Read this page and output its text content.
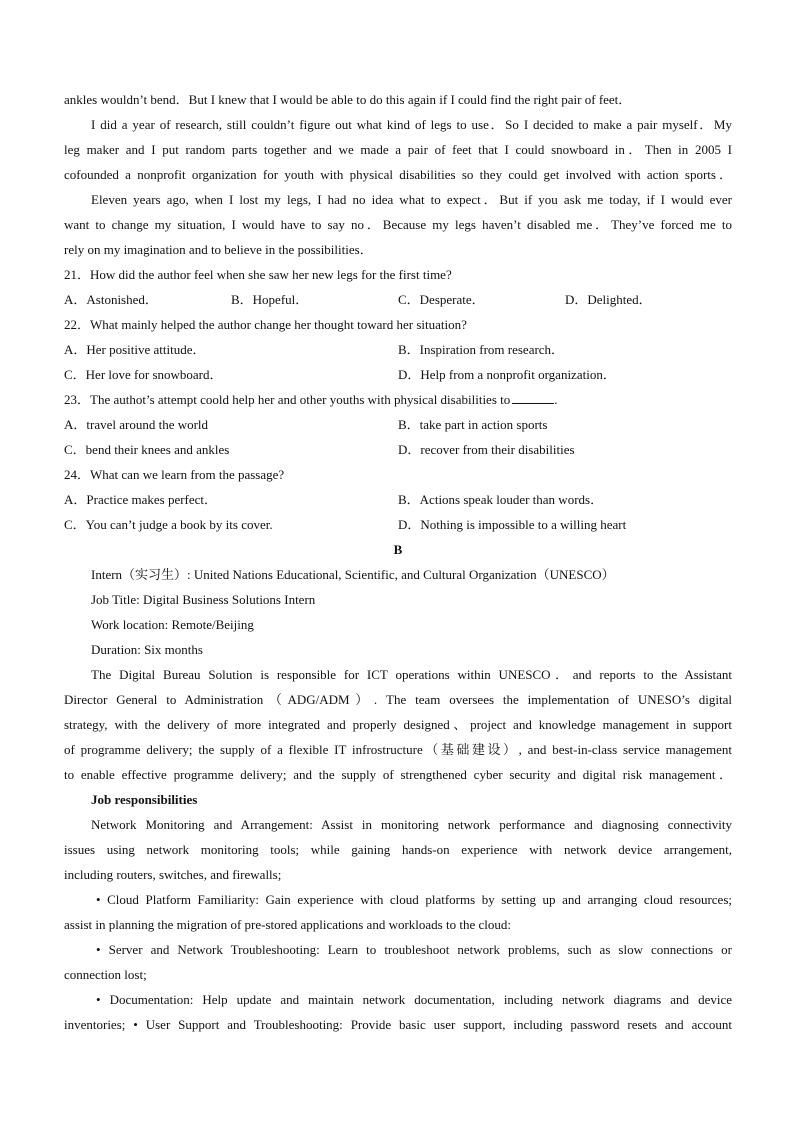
ankles wouldn’t bend．But I knew that I would be able to do this again if I could find the right pair of feet．
I did a year of research, still couldn’t figure out what kind of legs to use．So I decided to make a pair myself．My
leg maker and I put random parts together and we made a pair of feet that I could snowboard in．Then in 2005 I
cofounded a nonprofit organization for youth with physical disabilities so they could get involved with action sports．
Eleven years ago, when I lost my legs, I had no idea what to expect．But if you ask me today, if I would ever
want to change my situation, I would have to say no．Because my legs haven’t disabled me．They’ve forced me to
rely on my imagination and to believe in the possibilities．
21．How did the author feel when she saw her new legs for the first time?
A．Astonished．	B．Hopeful．	C．Desperate．	D．Delighted．
22．What mainly helped the author change her thought toward her situation?
A．Her positive attitude．	B．Inspiration from research．
C．Her love for snowboard．	D．Help from a nonprofit organization．
23．The authot’s attempt coold help her and other youths with physical disabilities to	.
A．travel around the world	B．take part in action sports
C．bend their knees and ankles	D．recover from their disabilities
24．What can we learn from the passage?
A．Practice makes perfect．	B．Actions speak louder than words．
C．You can’t judge a book by its cover.	D．Nothing is impossible to a willing heart
B
Intern（实习生）: United Nations Educational, Scientific, and Cultural Organization（UNESCO）
Job Title: Digital Business Solutions Intern
Work location: Remote/Beijing
Duration: Six months
The Digital Bureau Solution is responsible for ICT operations within UNESCO．and reports to the Assistant
Director General to Administration（ADG/ADM）. The team oversees the implementation of UNESO’s digital
strategy, with the delivery of more integrated and properly designed、project and knowledge management in support
of programme delivery; the supply of a flexible IT infrostructure（基础建设）, and best-in-class service management
to enable effective programme delivery; and the supply of strengthened cyber security and digital risk management．
Job responsibilities
Network Monitoring and Arrangement: Assist in monitoring network performance and diagnosing connectivity
issues using network monitoring tools; while gaining hands-on experience with network device arrangement,
including routers, switches, and firewalls;
• Cloud Platform Familiarity: Gain experience with cloud platforms by setting up and arranging cloud resources;
assist in planning the migration of pre-stored applications and workloads to the cloud:
• Server and Network Troubleshooting: Learn to troubleshoot network problems, such as slow connections or
connection lost;
• Documentation: Help update and maintain network documentation, including network diagrams and device
inventories; • User Support and Troubleshooting: Provide basic user support, including password resets and account
